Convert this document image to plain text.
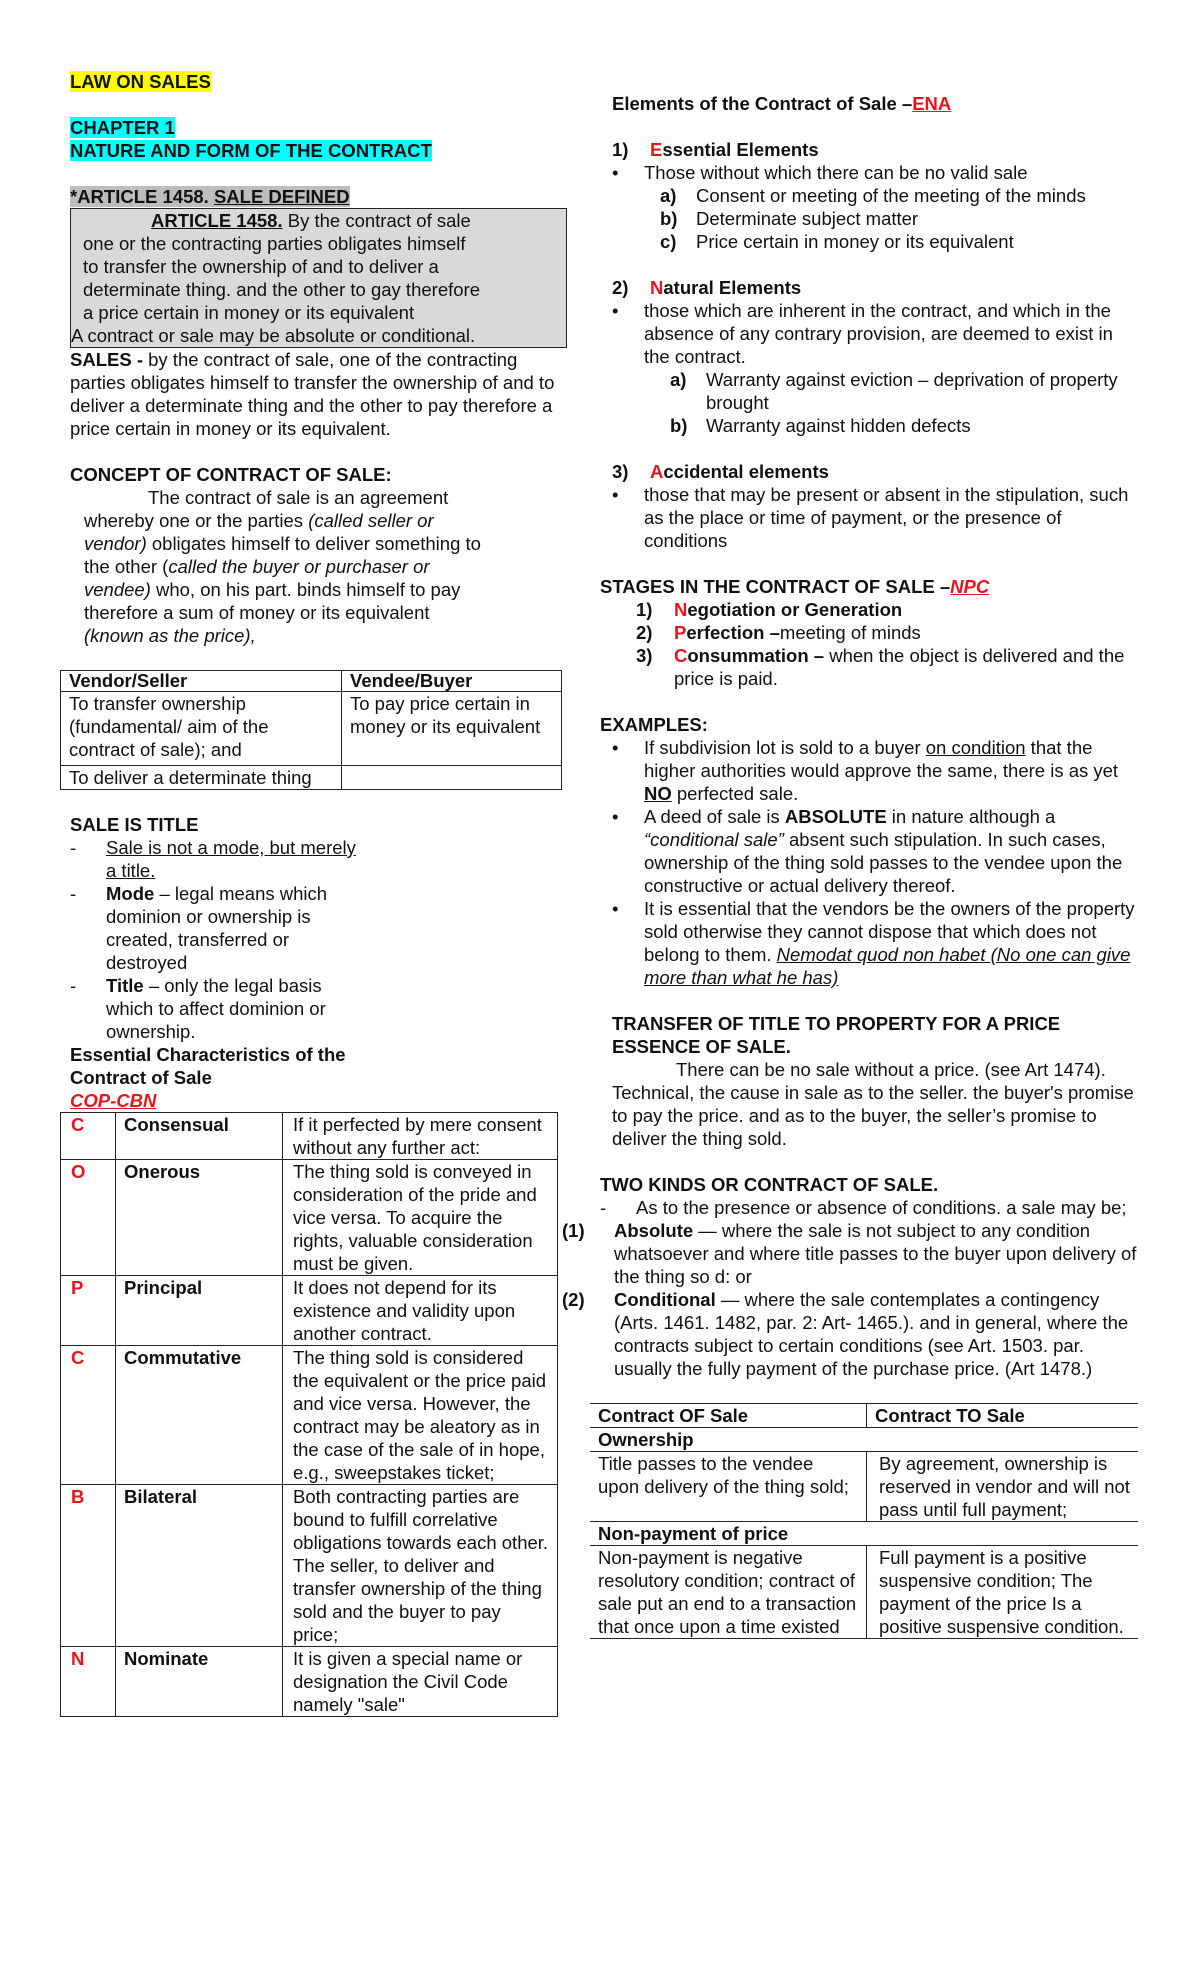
LAW ON SALES

CHAPTER 1

NATURE AND FORM OF THE CONTRACT

*ARTICLE 1458. SALE DEFINED

ARTICLE 1458. By the contract of sale

one or the contracting parties obligates himself

to transfer the ownership of and to deliver a

determinate thing. and the other to gay therefore

a price certain in money or its equivalent

A contract or sale may be absolute or conditional.

SALES - by the contract of sale, one of the contracting parties obligates himself to transfer the ownership of and to deliver a determinate thing and the other to pay therefore a price certain in money or its equivalent.

CONCEPT OF CONTRACT OF SALE:

The contract of sale is an agreement

whereby one or the parties (called seller or

vendor) obligates himself to deliver something to

the other (called the buyer or purchaser or

vendee) who, on his part. binds himself to pay

therefore a sum of money or its equivalent

(known as the price),

Vendor/Seller	Vendee/Buyer
To transfer ownership (fundamental/ aim of the contract of sale); and	To pay price certain in money or its equivalent
To deliver a determinate thing	

SALE IS TITLE

-	Sale is not a mode, but merely a title.
-	Mode – legal means which dominion or ownership is created, transferred or destroyed
-	Title – only the legal basis which to affect dominion or ownership.

Essential Characteristics of the Contract of Sale

COP-CBN

C	Consensual	If it perfected by mere consent without any further act:
O	Onerous	The thing sold is conveyed in consideration of the pride and vice versa. To acquire the rights, valuable consideration must be given.
P	Principal	It does not depend for its existence and validity upon another contract.
C	Commutative	The thing sold is considered the equivalent or the price paid and vice versa. However, the contract may be aleatory as in the case of the sale of in hope, e.g., sweepstakes ticket;
B	Bilateral	Both contracting parties are bound to fulfill correlative obligations towards each other. The seller, to deliver and transfer ownership of the thing sold and the buyer to pay price;
N	Nominate	It is given a special name or designation the Civil Code namely "sale"

Elements of the Contract of Sale –ENA

1)	Essential Elements
•	Those without which there can be no valid sale
a)	Consent or meeting of the meeting of the minds
b)	Determinate subject matter
c)	Price certain in money or its equivalent
2)	Natural Elements
•	those which are inherent in the contract, and which in the absence of any contrary provision, are deemed to exist in the contract.
a)	Warranty against eviction – deprivation of property brought
b)	Warranty against hidden defects
3)	Accidental elements
•	those that may be present or absent in the stipulation, such as the place or time of payment, or the presence of conditions

STAGES IN THE CONTRACT OF SALE –NPC

1)	Negotiation or Generation
2)	Perfection –meeting of minds
3)	Consummation – when the object is delivered and the price is paid.

EXAMPLES:

•	If subdivision lot is sold to a buyer on condition that the higher authorities would approve the same, there is as yet NO perfected sale.
•	A deed of sale is ABSOLUTE in nature although a “conditional sale” absent such stipulation. In such cases, ownership of the thing sold passes to the vendee upon the constructive or actual delivery thereof.
•	It is essential that the vendors be the owners of the property sold otherwise they cannot dispose that which does not belong to them. Nemodat quod non habet (No one can give more than what he has)

TRANSFER OF TITLE TO PROPERTY FOR A PRICE ESSENCE OF SALE.

There can be no sale without a price. (see Art 1474). Technical, the cause in sale as to the seller. the buyer's promise to pay the price. and as to the buyer, the seller’s promise to deliver the thing sold.

TWO KINDS OR CONTRACT OF SALE.

-	As to the presence or absence of conditions. a sale may be;
(1)	Absolute — where the sale is not subject to any condition whatsoever and where title passes to the buyer upon delivery of the thing so d: or
(2)	Conditional — where the sale contemplates a contingency (Arts. 1461. 1482, par. 2: Art- 1465.). and in general, where the contracts subject to certain conditions (see Art. 1503. par. usually the fully payment of the purchase price. (Art 1478.)
Contract OF Sale	Contract TO Sale
Ownership	
Title passes to the vendee upon delivery of the thing sold;	By agreement, ownership is reserved in vendor and will not pass until full payment;
Non-payment of price	
Non-payment is negative resolutory condition; contract of sale put an end to a transaction that once upon a time existed	Full payment is a positive suspensive condition; The payment of the price Is a positive suspensive condition.
